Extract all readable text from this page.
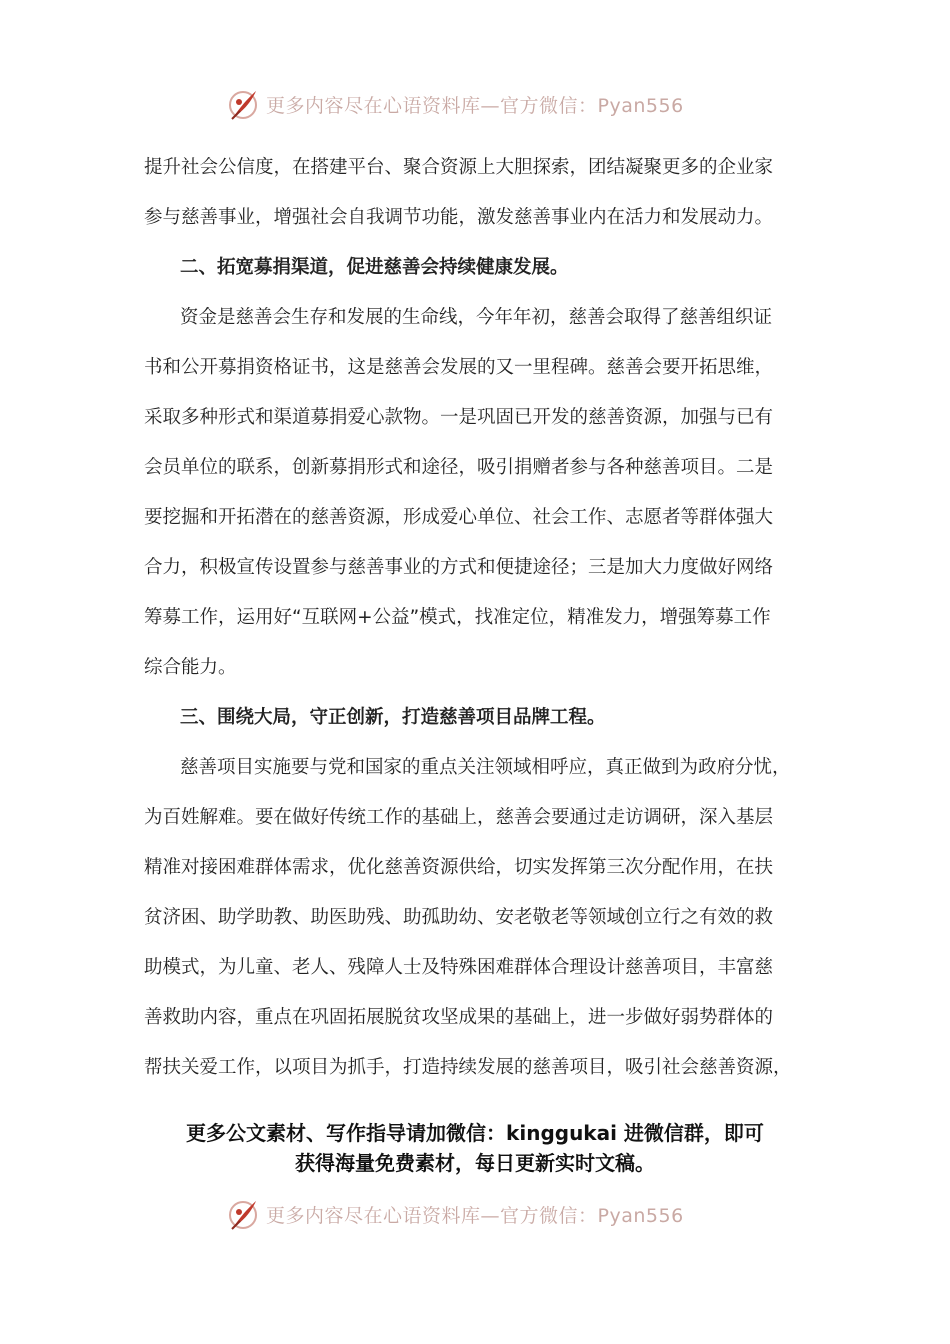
更多内容尽在心语资料库—官方微信：Pyan556
提升社会公信度，在搭建平台、聚合资源上大胆探索，团结凝聚更多的企业家
参与慈善事业，增强社会自我调节功能，激发慈善事业内在活力和发展动力。
二、拓宽募捐渠道，促进慈善会持续健康发展。
资金是慈善会生存和发展的生命线，今年年初，慈善会取得了慈善组织证
书和公开募捐资格证书，这是慈善会发展的又一里程碑。慈善会要开拓思维，
采取多种形式和渠道募捐爱心款物。一是巩固已开发的慈善资源，加强与已有
会员单位的联系，创新募捐形式和途径，吸引捐赠者参与各种慈善项目。二是
要挖掘和开拓潜在的慈善资源，形成爱心单位、社会工作、志愿者等群体强大
合力，积极宣传设置参与慈善事业的方式和便捷途径；三是加大力度做好网络
筹募工作，运用好“互联网+公益”模式，找准定位，精准发力，增强筹募工作
综合能力。
三、围绕大局，守正创新，打造慈善项目品牌工程。
慈善项目实施要与党和国家的重点关注领域相呼应，真正做到为政府分忧，
为百姓解难。要在做好传统工作的基础上，慈善会要通过走访调研，深入基层
精准对接困难群体需求，优化慈善资源供给，切实发挥第三次分配作用，在扶
贫济困、助学助教、助医助残、助孤助幼、安老敬老等领域创立行之有效的救
助模式，为儿童、老人、残障人士及特殊困难群体合理设计慈善项目，丰富慈
善救助内容，重点在巩固拓展脱贫攻坚成果的基础上，进一步做好弱势群体的
帮扶关爱工作，以项目为抓手，打造持续发展的慈善项目，吸引社会慈善资源，
更多公文素材、写作指导请加微信：kinggukai 进微信群，即可
获得海量免费素材，每日更新实时文稿。
更多内容尽在心语资料库—官方微信：Pyan556
